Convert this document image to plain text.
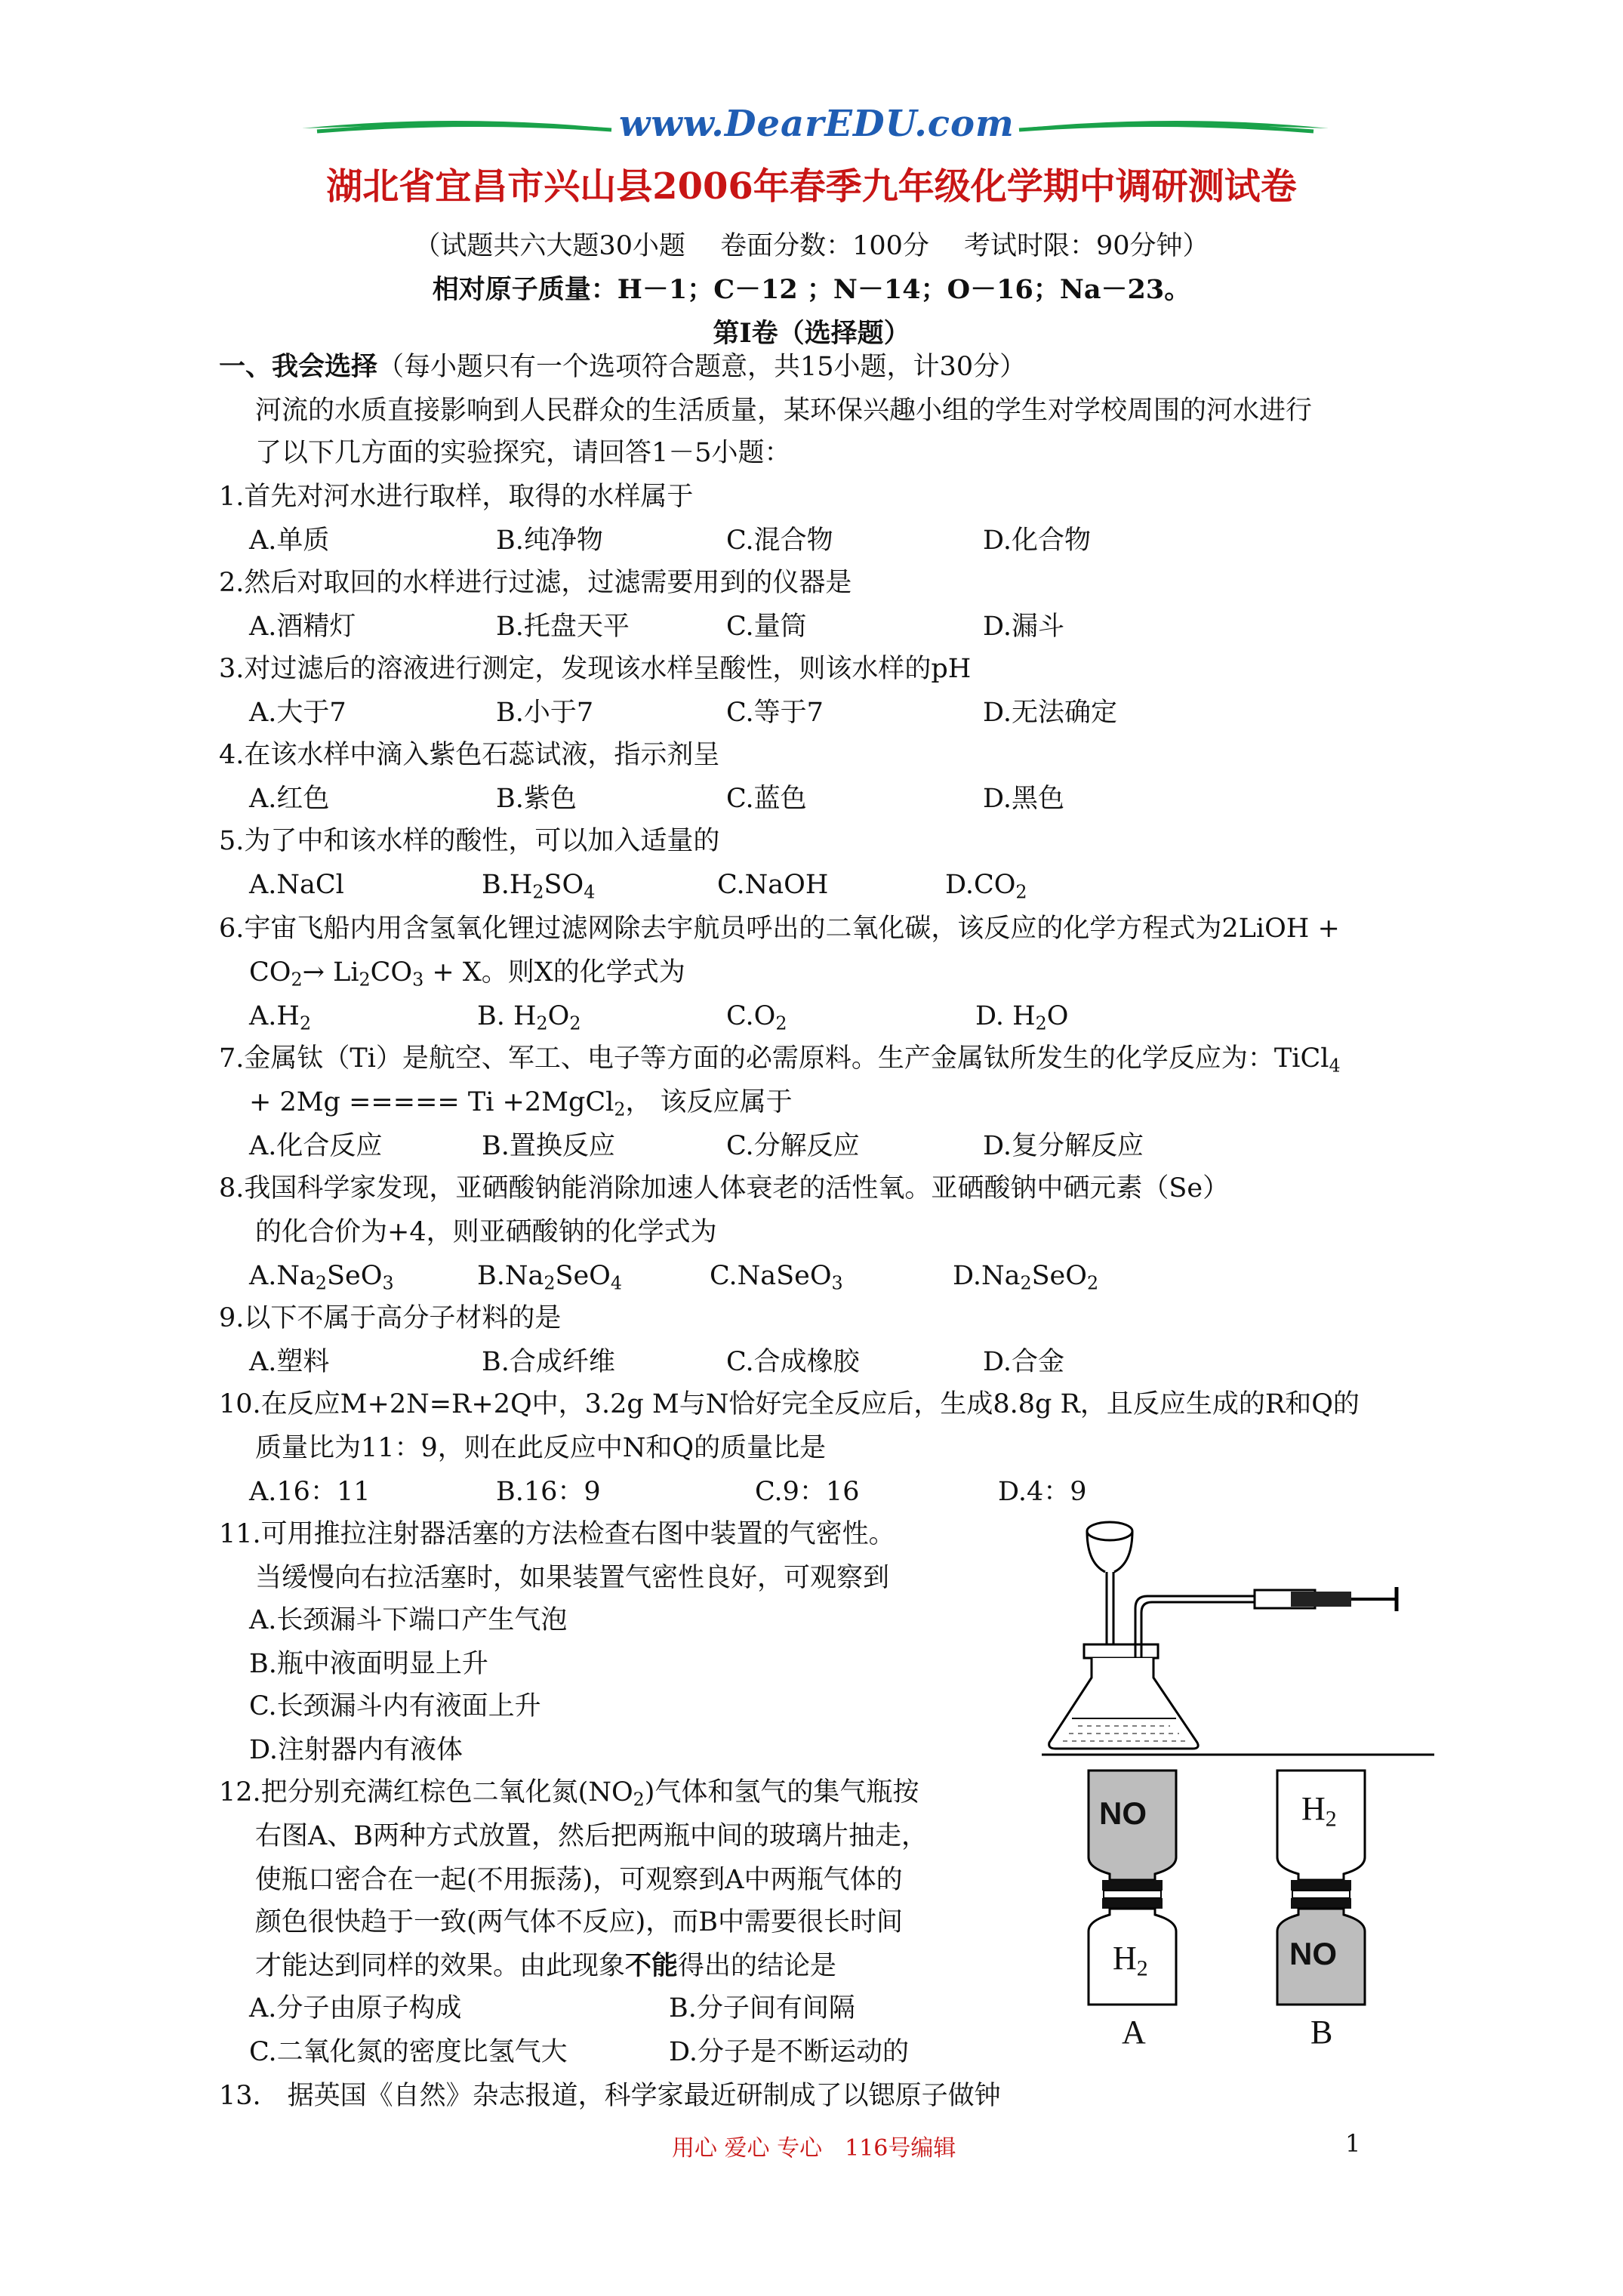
www.DearEDU.com
湖北省宜昌市兴山县2006年春季九年级化学期中调研测试卷
（试题共六大题30小题　 卷面分数：100分　 考试时限：90分钟）
相对原子质量：H－1；C－12 ；N－14；O－16；Na－23。
第Ⅰ卷（选择题）
一、我会选择（每小题只有一个选项符合题意，共15小题，计30分）
河流的水质直接影响到人民群众的生活质量，某环保兴趣小组的学生对学校周围的河水进行
了以下几方面的实验探究，请回答1－5小题：
1.首先对河水进行取样，取得的水样属于
A.单质	B.纯净物	C.混合物	D.化合物
2.然后对取回的水样进行过滤，过滤需要用到的仪器是
A.酒精灯	B.托盘天平	C.量筒	D.漏斗
3.对过滤后的溶液进行测定，发现该水样呈酸性，则该水样的pH
A.大于7	B.小于7	C.等于7	D.无法确定
4.在该水样中滴入紫色石蕊试液，指示剂呈
A.红色	B.紫色	C.蓝色	D.黑色
5.为了中和该水样的酸性，可以加入适量的
A.NaCl	$B.H_2SO_4$	C.NaOH	$D.CO_2$
6.宇宙飞船内用含氢氧化锂过滤网除去宇航员呼出的二氧化碳，该反应的化学方程式为2LiOH +
$CO_2\to Li_2CO_3 + X$。则X的化学式为
$A.H_2$	B. $H_2O_2$	$C.O_2$	D. $H_2O$
7.金属钛（Ti）是航空、军工、电子等方面的必需原料。生产金属钛所发生的化学反应为：TiCl$_4$
+ 2Mg ===== Ti +2MgCl$_2$， 该反应属于
A.化合反应	B.置换反应	C.分解反应	D.复分解反应
8.我国科学家发现，亚硒酸钠能消除加速人体衰老的活性氧。亚硒酸钠中硒元素（Se）
的化合价为+4，则亚硒酸钠的化学式为
$A.Na_2SeO_3$	$B.Na_2SeO_4$	C.NaSeO$_3$	$D.Na_2SeO_2$
9.以下不属于高分子材料的是
A.塑料	B.合成纤维	C.合成橡胶	D.合金
10.在反应M+2N=R+2Q中，3.2g M与N恰好完全反应后，生成8.8g R，且反应生成的R和Q的
质量比为11：9，则在此反应中N和Q的质量比是
A.16：11	B.16：9	C.9：16	D.4：9
11.可用推拉注射器活塞的方法检查右图中装置的气密性。
当缓慢向右拉活塞时，如果装置气密性良好，可观察到
A.长颈漏斗下端口产生气泡
B.瓶中液面明显上升
C.长颈漏斗内有液面上升
D.注射器内有液体
12.把分别充满红棕色二氧化氮$(NO_2)$气体和氢气的集气瓶按
右图A、B两种方式放置，然后把两瓶中间的玻璃片抽走，
使瓶口密合在一起(不用振荡)，可观察到A中两瓶气体的
颜色很快趋于一致(两气体不反应)，而B中需要很长时间
才能达到同样的效果。由此现象不能得出的结论是
A.分子由原子构成	B.分子间有间隔
C.二氧化氮的密度比氢气大	D.分子是不断运动的
13.　据英国《自然》杂志报道，科学家最近研制成了以锶原子做钟
NO
$H_2$
$H_2$
NO
A	B
用心 爱心 专心　116号编辑	1
